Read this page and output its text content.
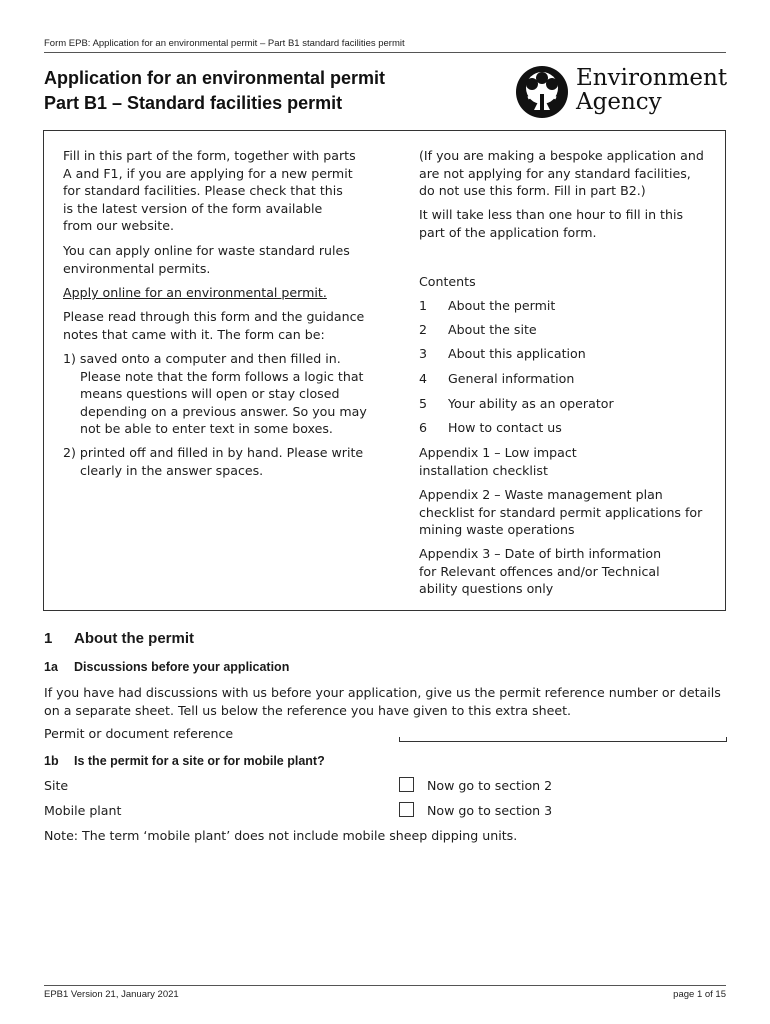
Form EPB: Application for an environmental permit – Part B1 standard facilities permit
Application for an environmental permit
Part B1 – Standard facilities permit
Environment
Agency
Fill in this part of the form, together with parts
A and F1, if you are applying for a new permit
for standard facilities. Please check that this
is the latest version of the form available
from our website.
You can apply online for waste standard rules
environmental permits.
Apply online for an environmental permit.
Please read through this form and the guidance
notes that came with it. The form can be:
1) saved onto a computer and then filled in.
Please note that the form follows a logic that
means questions will open or stay closed
depending on a previous answer. So you may
not be able to enter text in some boxes.
2) printed off and filled in by hand. Please write
clearly in the answer spaces.
(If you are making a bespoke application and
are not applying for any standard facilities,
do not use this form. Fill in part B2.)
It will take less than one hour to fill in this
part of the application form.
Contents
1 About the permit
2 About the site
3 About this application
4 General information
5 Your ability as an operator
6 How to contact us
Appendix 1 – Low impact
installation checklist
Appendix 2 – Waste management plan
checklist for standard permit applications for
mining waste operations
Appendix 3 – Date of birth information
for Relevant offences and/or Technical
ability questions only
1 About the permit
1a Discussions before your application
If you have had discussions with us before your application, give us the permit reference number or details
on a separate sheet. Tell us below the reference you have given to this extra sheet.
Permit or document reference
1b Is the permit for a site or for mobile plant?
Site	Now go to section 2
Mobile plant	Now go to section 3
Note: The term ‘mobile plant’ does not include mobile sheep dipping units.
EPB1 Version 21, January 2021	page 1 of 15
